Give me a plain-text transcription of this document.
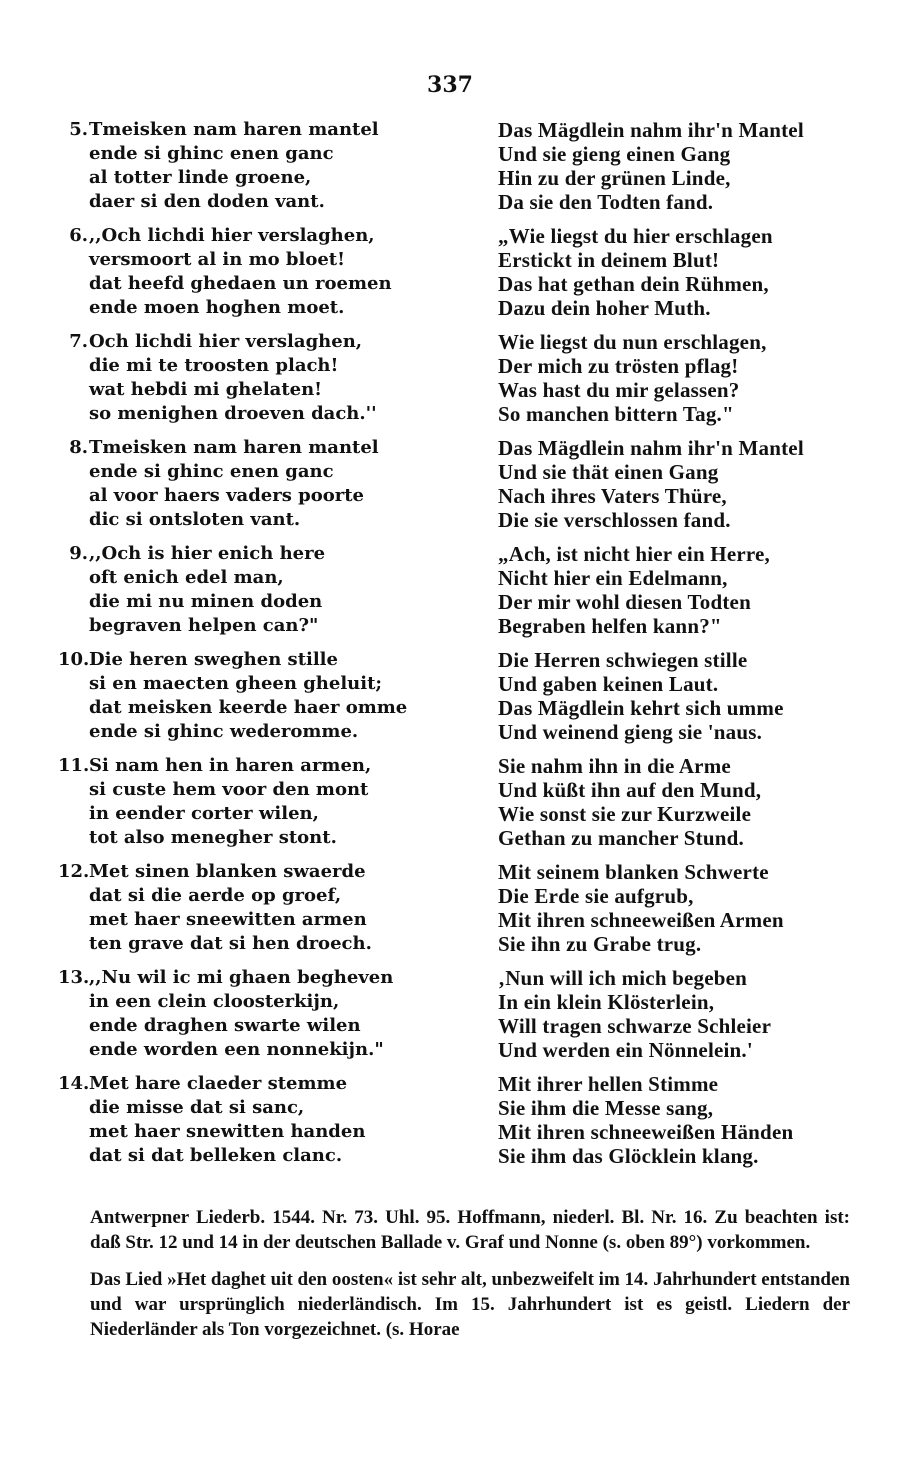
337
5. Tmeisken nam haren mantel
ende si ghinc enen ganc
al totter linde groene,
daer si den doden vant.
Das Mägdlein nahm ihr'n Mantel
Und sie gieng einen Gang
Hin zu der grünen Linde,
Da sie den Todten fand.
6. ,,Och lichdi hier verslaghen,
versmoort al in mo bloet!
dat heefd ghedaen un roemen
ende moen hoghen moet.
„Wie liegst du hier erschlagen
Erstickt in deinem Blut!
Das hat gethan dein Rühmen,
Dazu dein hoher Muth.
7. Och lichdi hier verslaghen,
die mi te troosten plach!
wat hebdi mi ghelaten!
so menighen droeven dach.''
Wie liegst du nun erschlagen,
Der mich zu trösten pflag!
Was hast du mir gelassen?
So manchen bittern Tag."
8. Tmeisken nam haren mantel
ende si ghinc enen ganc
al voor haers vaders poorte
dic si ontsloten vant.
Das Mägdlein nahm ihr'n Mantel
Und sie thät einen Gang
Nach ihres Vaters Thüre,
Die sie verschlossen fand.
9. ,,Och is hier enich here
oft enich edel man,
die mi nu minen doden
begraven helpen can?"
„Ach, ist nicht hier ein Herre,
Nicht hier ein Edelmann,
Der mir wohl diesen Todten
Begraben helfen kann?"
10. Die heren sweghen stille
si en maecten gheen gheluit;
dat meisken keerde haer omme
ende si ghinc wederomme.
Die Herren schwiegen stille
Und gaben keinen Laut.
Das Mägdlein kehrt sich umme
Und weinend gieng sie 'naus.
11. Si nam hen in haren armen,
si custe hem voor den mont
in eender corter wilen,
tot also menegher stont.
Sie nahm ihn in die Arme
Und küßt ihn auf den Mund,
Wie sonst sie zur Kurzweile
Gethan zu mancher Stund.
12. Met sinen blanken swaerde
dat si die aerde op groef,
met haer sneewitten armen
ten grave dat si hen droech.
Mit seinem blanken Schwerte
Die Erde sie aufgrub,
Mit ihren schneeweißen Armen
Sie ihn zu Grabe trug.
13. ,,Nu wil ic mi ghaen begheven
in een clein cloosterkijn,
ende draghen swarte wilen
ende worden een nonnekijn."
‚Nun will ich mich begeben
In ein klein Klösterlein,
Will tragen schwarze Schleier
Und werden ein Nönnelein.'
14. Met hare claeder stemme
die misse dat si sanc,
met haer snewitten handen
dat si dat belleken clanc.
Mit ihrer hellen Stimme
Sie ihm die Messe sang,
Mit ihren schneeweißen Händen
Sie ihm das Glöcklein klang.

Antwerpner Liederb. 1544. Nr. 73. Uhl. 95. Hoffmann, niederl. Bl. Nr. 16. Zu beachten ist: daß Str. 12 und 14 in der deutschen Ballade v. Graf und Nonne (s. oben 89°) vorkommen.

Das Lied »Het daghet uit den oosten« ist sehr alt, unbezweifelt im 14. Jahrhundert entstanden und war ursprünglich niederländisch. Im 15. Jahrhundert ist es geistl. Liedern der Niederländer als Ton vorgezeichnet. (s. Horae
